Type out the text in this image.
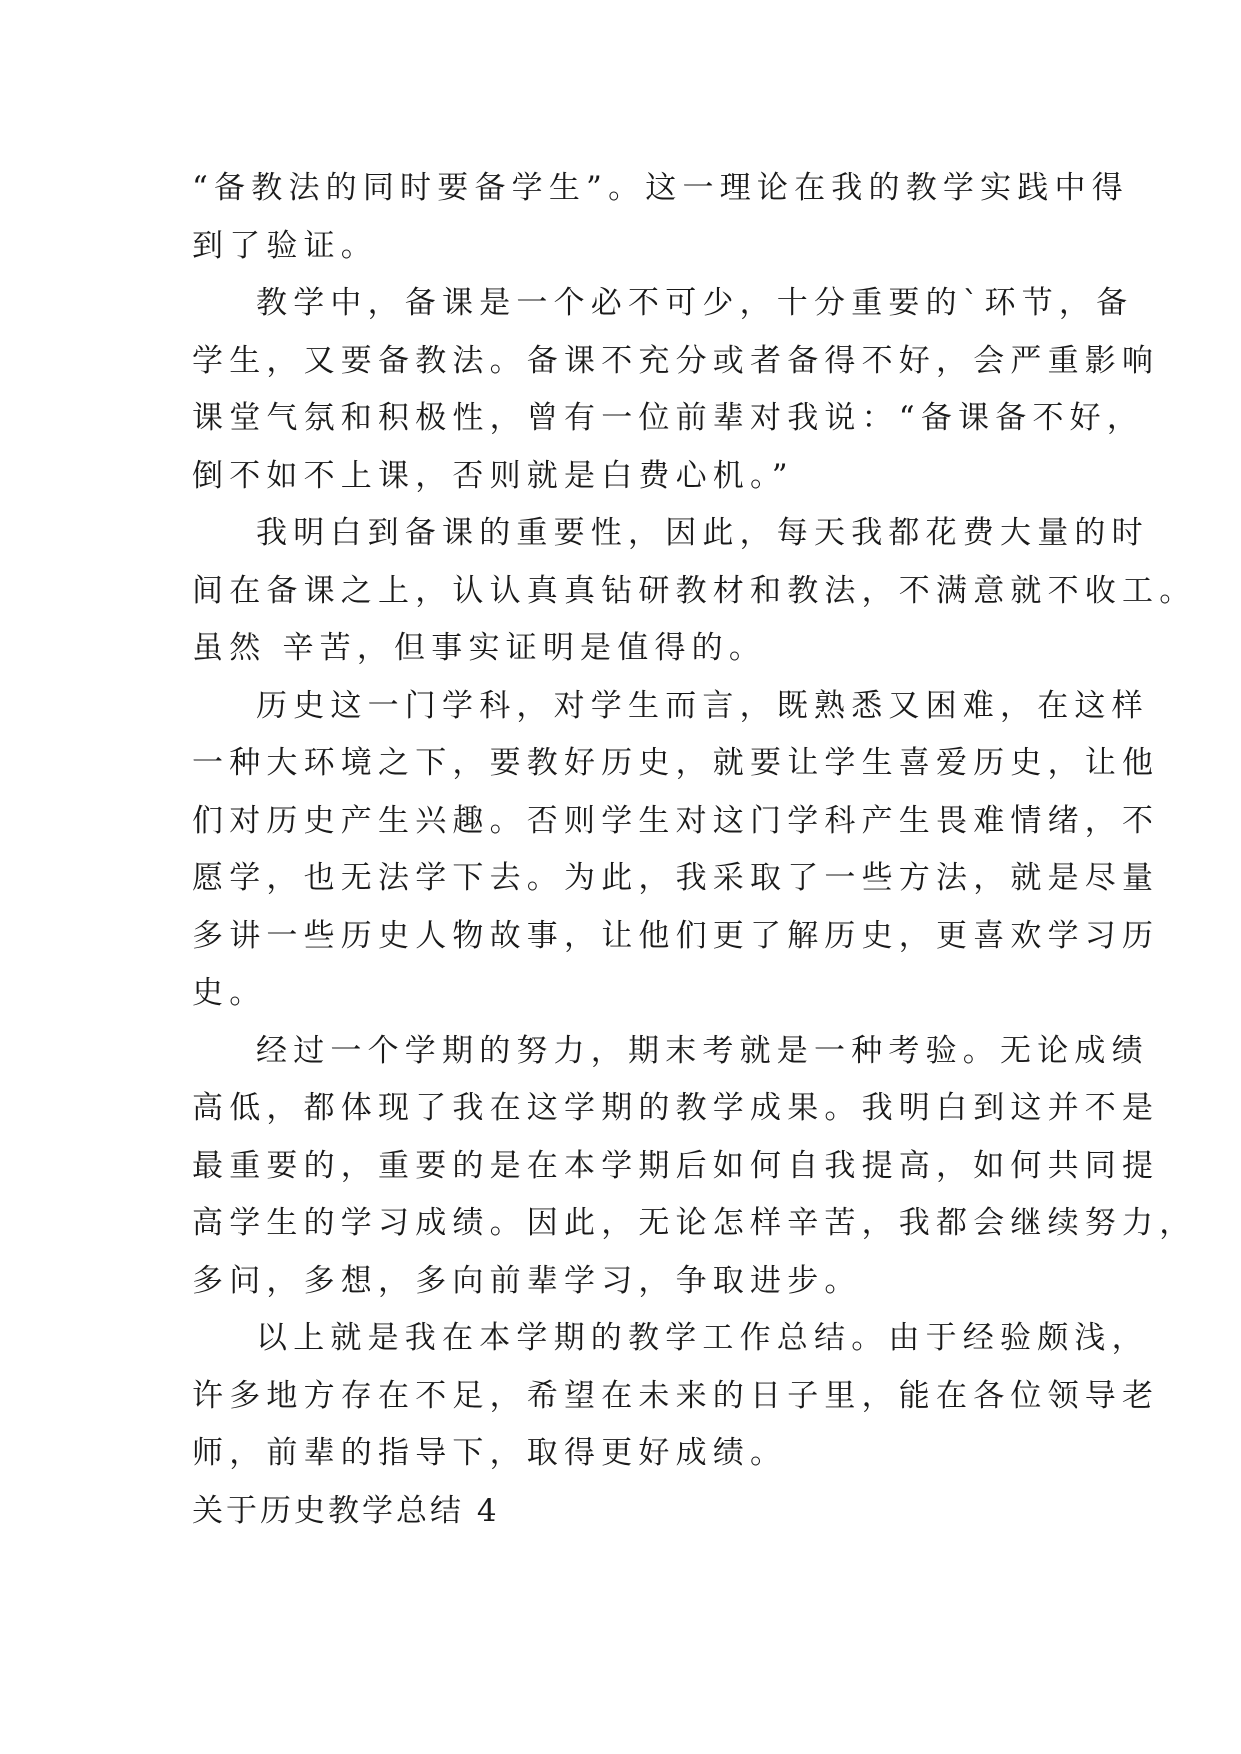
“备教法的同时要备学生”。这一理论在我的教学实践中得
到了验证。
教学中，备课是一个必不可少，十分重要的`环节，备
学生，又要备教法。备课不充分或者备得不好，会严重影响
课堂气氛和积极性，曾有一位前辈对我说：“备课备不好，
倒不如不上课，否则就是白费心机。”
我明白到备课的重要性，因此，每天我都花费大量的时
间在备课之上，认认真真钻研教材和教法，不满意就不收工。
虽然 辛苦，但事实证明是值得的。
历史这一门学科，对学生而言，既熟悉又困难，在这样
一种大环境之下，要教好历史，就要让学生喜爱历史，让他
们对历史产生兴趣。否则学生对这门学科产生畏难情绪，不
愿学，也无法学下去。为此，我采取了一些方法，就是尽量
多讲一些历史人物故事，让他们更了解历史，更喜欢学习历
史。
经过一个学期的努力，期末考就是一种考验。无论成绩
高低，都体现了我在这学期的教学成果。我明白到这并不是
最重要的，重要的是在本学期后如何自我提高，如何共同提
高学生的学习成绩。因此，无论怎样辛苦，我都会继续努力，
多问，多想，多向前辈学习，争取进步。
以上就是我在本学期的教学工作总结。由于经验颇浅，
许多地方存在不足，希望在未来的日子里，能在各位领导老
师，前辈的指导下，取得更好成绩。
关于历史教学总结 4
